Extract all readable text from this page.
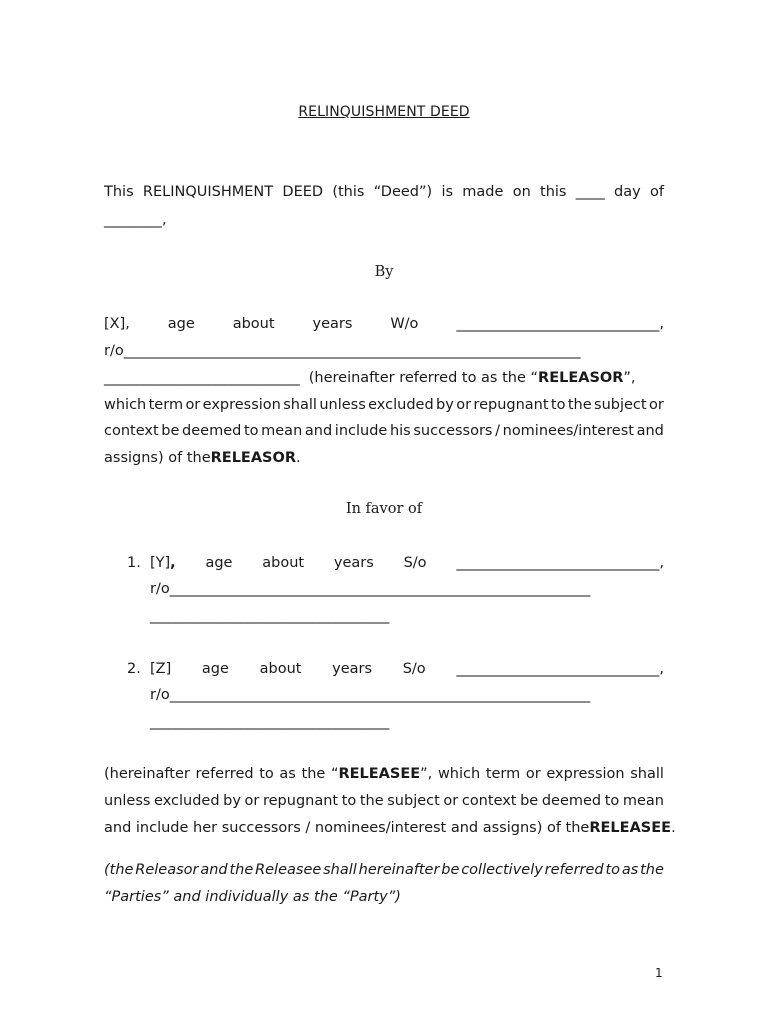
RELINQUISHMENT DEED
This RELINQUISHMENT DEED (this “Deed”) is made on this ____ day of
________,
By
[X],	age	about	years	W/o	____________________________,
r/o_______________________________________________________________
___________________________ (hereinafter referred to as the “ RELEASOR ”,
which term or expression shall unless excluded by or repugnant to the subject or
context be deemed to mean and include his successors / nominees/interest and
assigns) of the RELEASOR .
In favor of
1. [Y], age about years S/o ____________________________,
r/o__________________________________________________________
_________________________________
2. [Z] age about years S/o ____________________________,
r/o__________________________________________________________
_________________________________
(hereinafter referred to as the “RELEASEE”, which term or expression shall
unless excluded by or repugnant to the subject or context be deemed to mean
and include her successors / nominees/interest and assigns) of the RELEASEE .
(the Releasor and the Releasee shall hereinafter be collectively referred to as the
“Parties” and individually as the “Party”)
1
